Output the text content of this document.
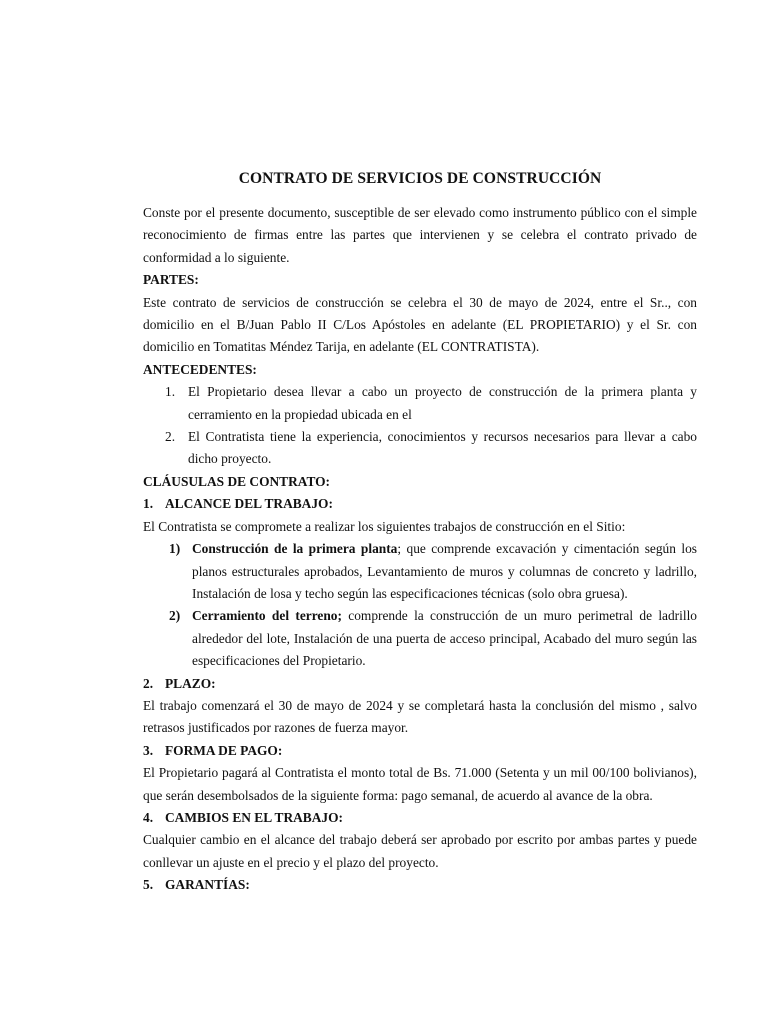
CONTRATO DE SERVICIOS DE CONSTRUCCIÓN

Conste por el presente documento, susceptible de ser elevado como instrumento público con el simple reconocimiento de firmas entre las partes que intervienen y se celebra el contrato privado de conformidad a lo siguiente.

PARTES:

Este contrato de servicios de construcción se celebra el 30 de mayo de 2024, entre el Sr.., con domicilio en el B/Juan Pablo II C/Los Apóstoles en adelante (EL PROPIETARIO) y el Sr. con domicilio en Tomatitas Méndez Tarija, en adelante (EL CONTRATISTA).

ANTECEDENTES:
1. El Propietario desea llevar a cabo un proyecto de construcción de la primera planta y cerramiento en la propiedad ubicada en el
2. El Contratista tiene la experiencia, conocimientos y recursos necesarios para llevar a cabo dicho proyecto.
CLÁUSULAS DE CONTRATO:
1. ALCANCE DEL TRABAJO:

El Contratista se compromete a realizar los siguientes trabajos de construcción en el Sitio:

1) Construcción de la primera planta; que comprende excavación y cimentación según los planos estructurales aprobados, Levantamiento de muros y columnas de concreto y ladrillo, Instalación de losa y techo según las especificaciones técnicas (solo obra gruesa).
2) Cerramiento del terreno; comprende la construcción de un muro perimetral de ladrillo alrededor del lote, Instalación de una puerta de acceso principal, Acabado del muro según las especificaciones del Propietario.
2. PLAZO:

El trabajo comenzará el 30 de mayo de 2024 y se completará hasta la conclusión del mismo , salvo retrasos justificados por razones de fuerza mayor.

3. FORMA DE PAGO:

El Propietario pagará al Contratista el monto total de Bs. 71.000 (Setenta y un mil 00/100 bolivianos), que serán desembolsados de la siguiente forma: pago semanal, de acuerdo al avance de la obra.

4. CAMBIOS EN EL TRABAJO:

Cualquier cambio en el alcance del trabajo deberá ser aprobado por escrito por ambas partes y puede conllevar un ajuste en el precio y el plazo del proyecto.

5. GARANTÍAS:
